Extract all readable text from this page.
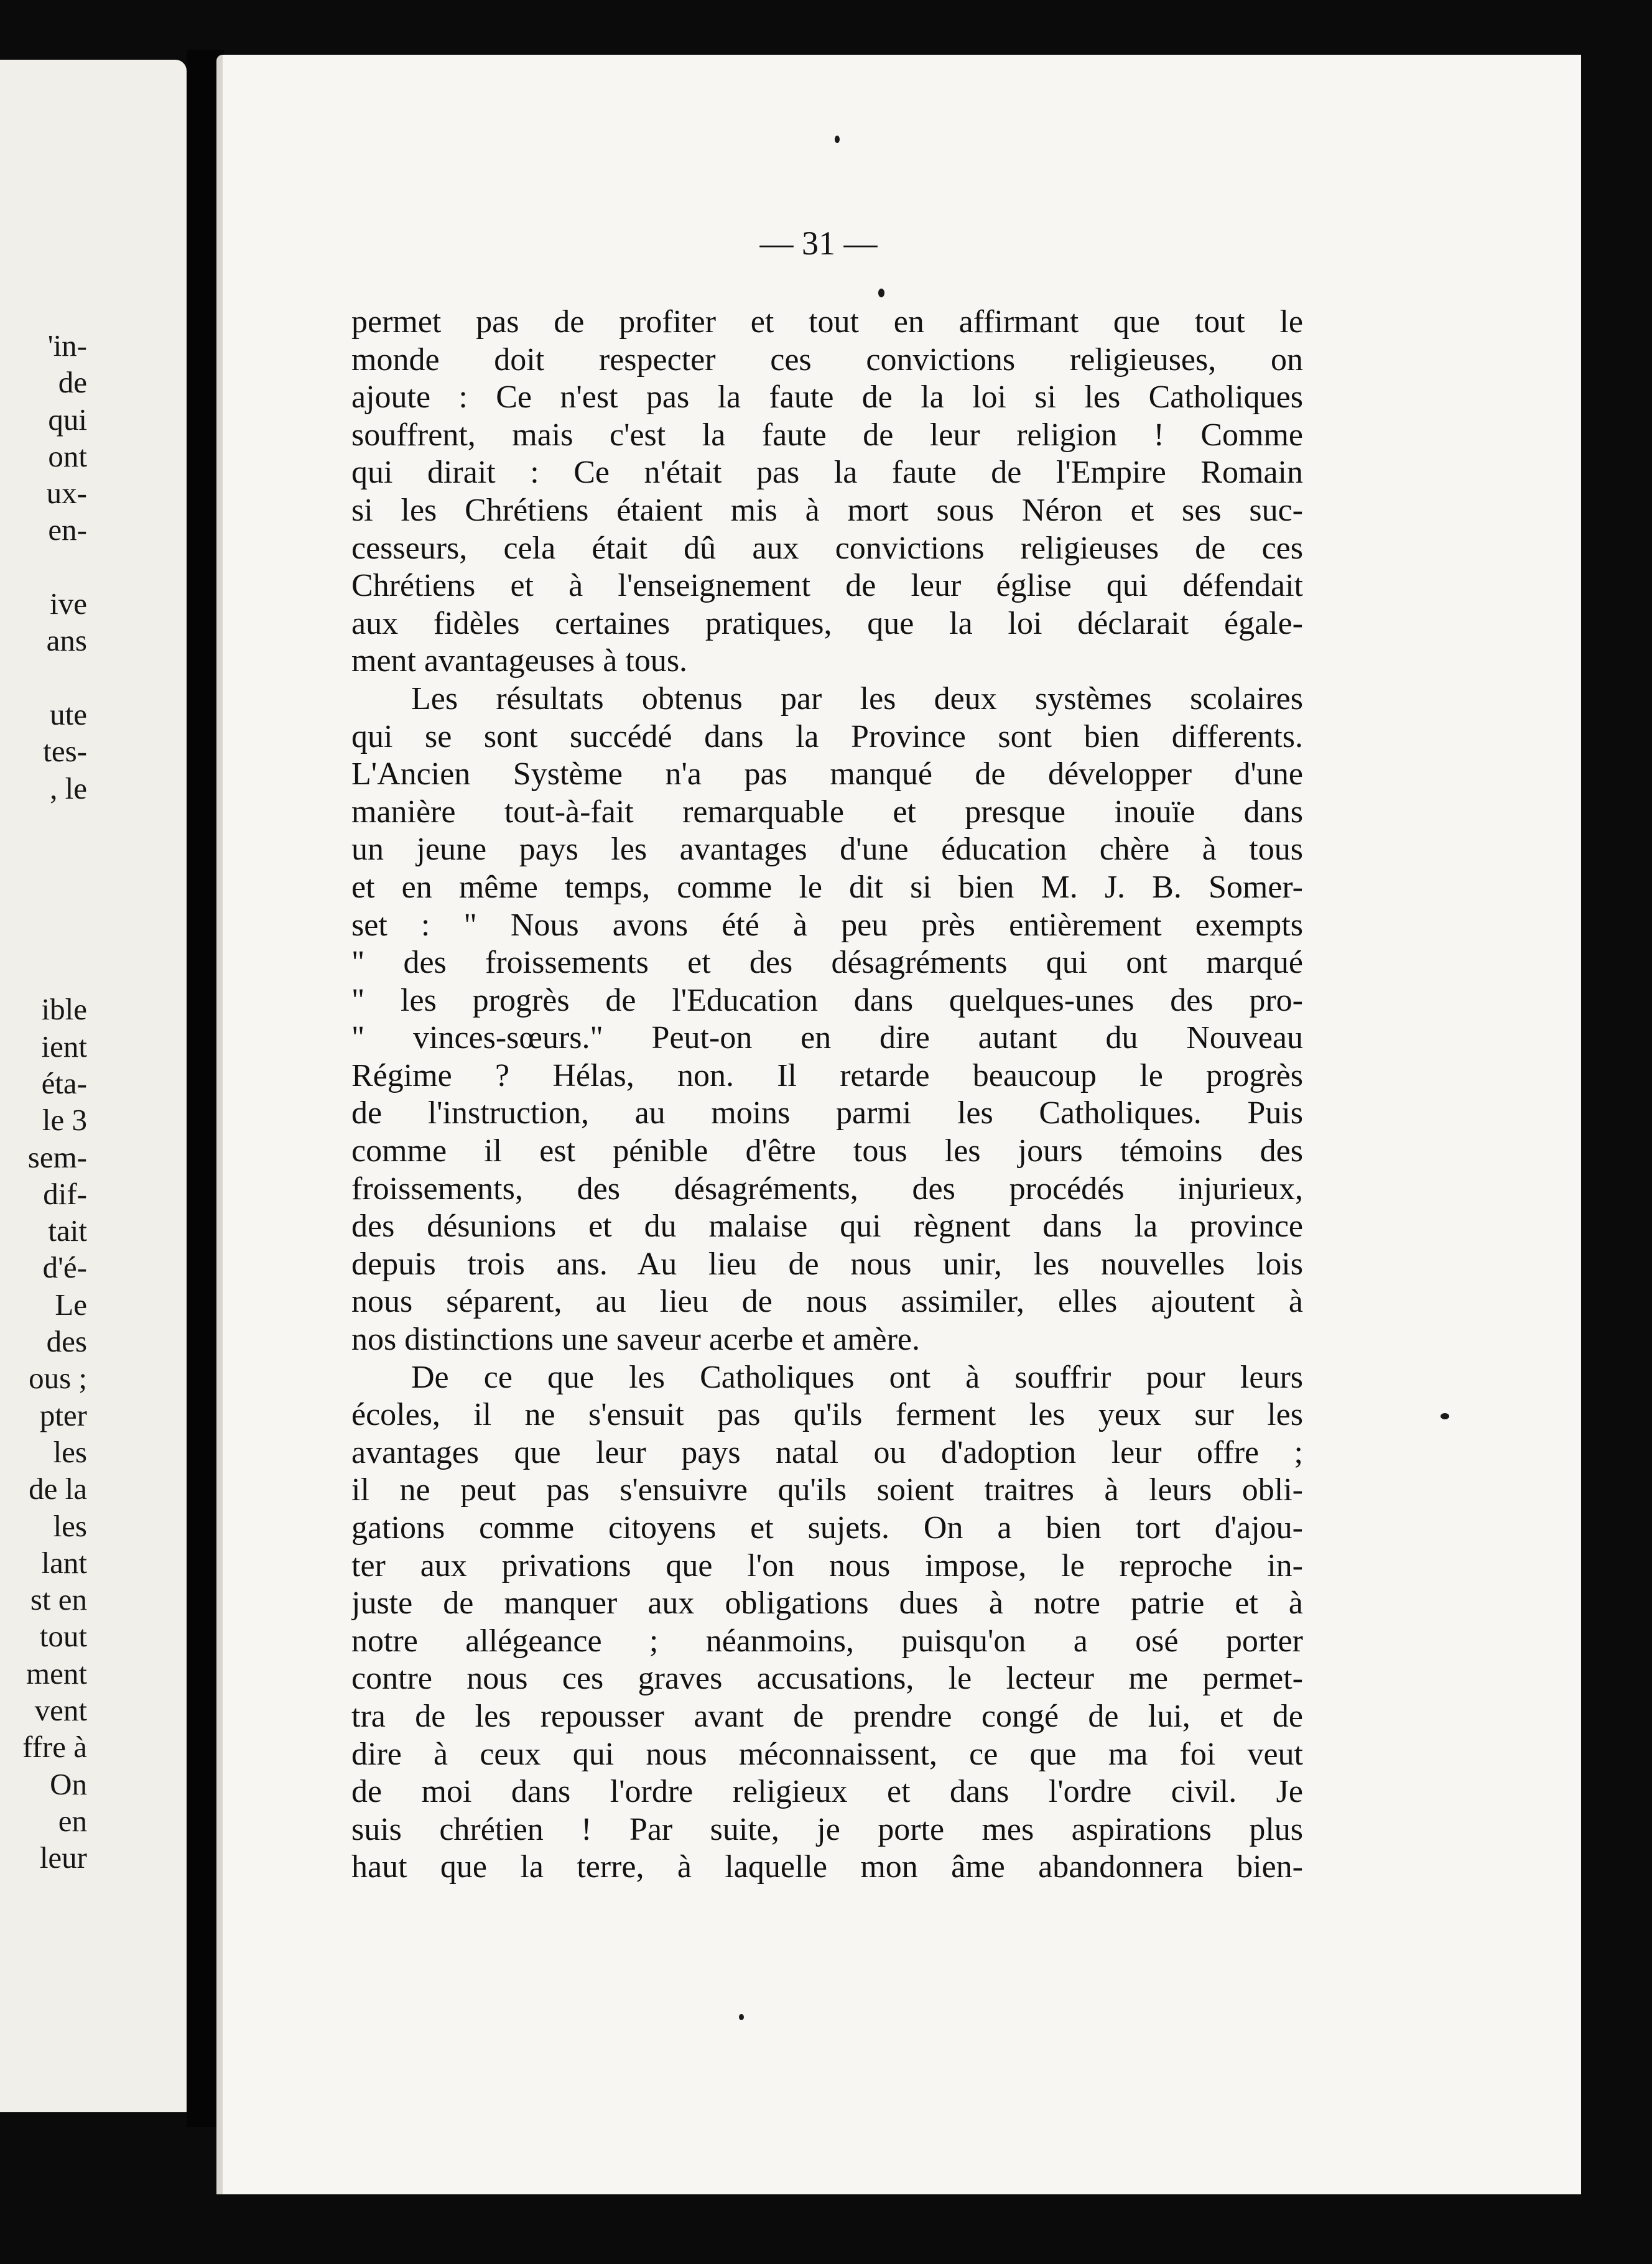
'in-
de
qui
ont
ux-
en-
ive
ans
ute
tes-
, le
ible
ient
éta-
le 3
sem-
dif-
tait
d'é-
Le
des
ous ;
pter
les
de la
les
lant
st en
tout
ment
vent
ffre à
On
en
leur
— 31 —
permet pas de profiter et tout en affirmant que tout le
monde doit respecter ces convictions religieuses, on
ajoute : Ce n'est pas la faute de la loi si les Catholiques
souffrent, mais c'est la faute de leur religion ! Comme
qui dirait : Ce n'était pas la faute de l'Empire Romain
si les Chrétiens étaient mis à mort sous Néron et ses suc-
cesseurs, cela était dû aux convictions religieuses de ces
Chrétiens et à l'enseignement de leur église qui défendait
aux fidèles certaines pratiques, que la loi déclarait égale-
ment avantageuses à tous.
Les résultats obtenus par les deux systèmes scolaires
qui se sont succédé dans la Province sont bien differents.
L'Ancien Système n'a pas manqué de développer d'une
manière tout-à-fait remarquable et presque inouïe dans
un jeune pays les avantages d'une éducation chère à tous
et en même temps, comme le dit si bien M. J. B. Somer-
set : " Nous avons été à peu près entièrement exempts
" des froissements et des désagréments qui ont marqué
" les progrès de l'Education dans quelques-unes des pro-
" vinces-sœurs." Peut-on en dire autant du Nouveau
Régime ? Hélas, non. Il retarde beaucoup le progrès
de l'instruction, au moins parmi les Catholiques. Puis
comme il est pénible d'être tous les jours témoins des
froissements, des désagréments, des procédés injurieux,
des désunions et du malaise qui règnent dans la province
depuis trois ans. Au lieu de nous unir, les nouvelles lois
nous séparent, au lieu de nous assimiler, elles ajoutent à
nos distinctions une saveur acerbe et amère.
De ce que les Catholiques ont à souffrir pour leurs
écoles, il ne s'ensuit pas qu'ils ferment les yeux sur les
avantages que leur pays natal ou d'adoption leur offre ;
il ne peut pas s'ensuivre qu'ils soient traitres à leurs obli-
gations comme citoyens et sujets. On a bien tort d'ajou-
ter aux privations que l'on nous impose, le reproche in-
juste de manquer aux obligations dues à notre patrie et à
notre allégeance ; néanmoins, puisqu'on a osé porter
contre nous ces graves accusations, le lecteur me permet-
tra de les repousser avant de prendre congé de lui, et de
dire à ceux qui nous méconnaissent, ce que ma foi veut
de moi dans l'ordre religieux et dans l'ordre civil. Je
suis chrétien ! Par suite, je porte mes aspirations plus
haut que la terre, à laquelle mon âme abandonnera bien-
